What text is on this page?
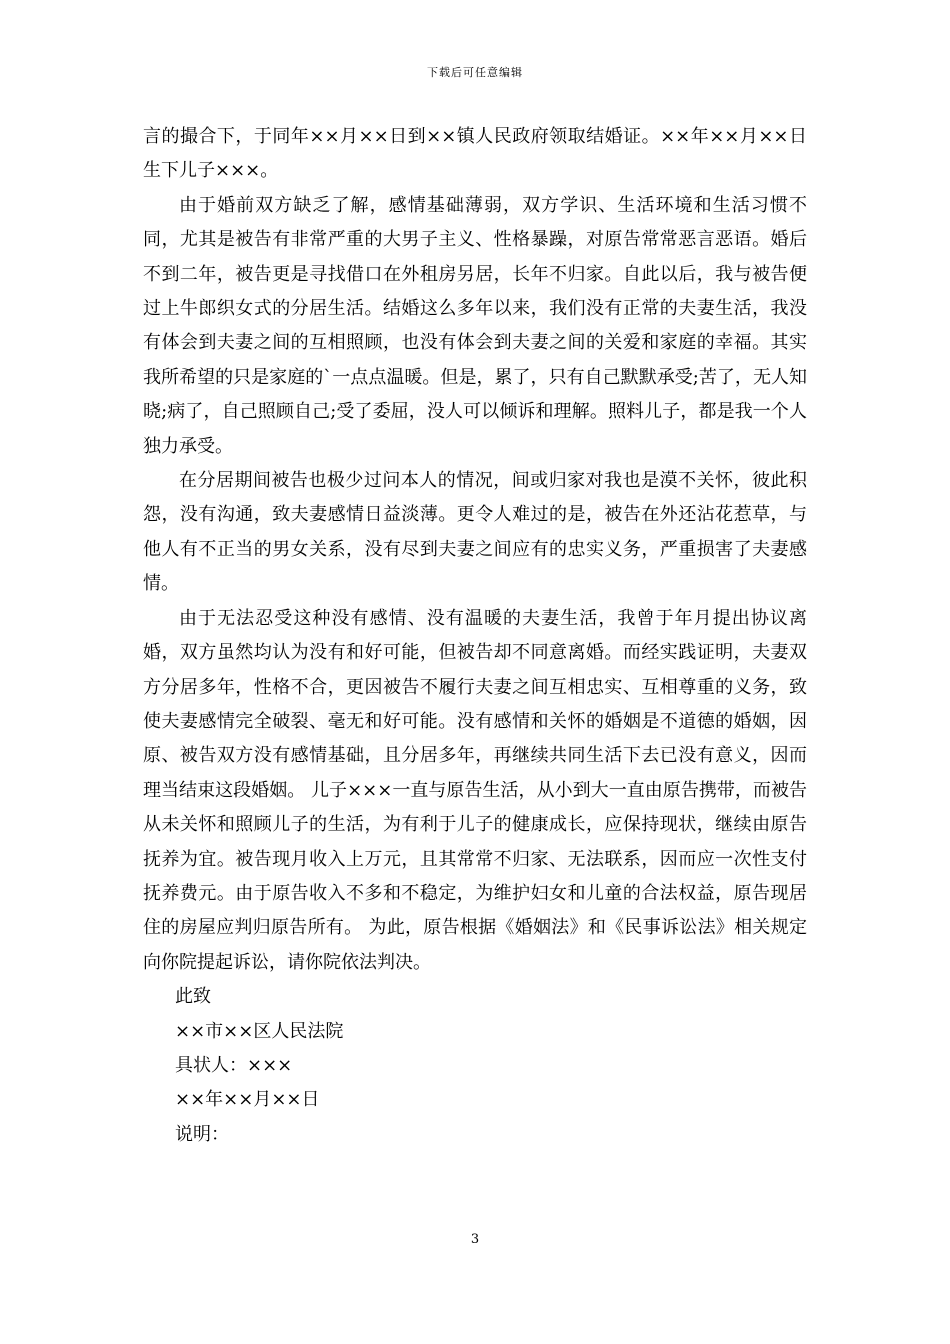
下载后可任意编辑

言的撮合下，于同年××月××日到××镇人民政府领取结婚证。××年××月××日生下儿子×××。

由于婚前双方缺乏了解，感情基础薄弱，双方学识、生活环境和生活习惯不同，尤其是被告有非常严重的大男子主义、性格暴躁，对原告常常恶言恶语。婚后不到二年，被告更是寻找借口在外租房另居，长年不归家。自此以后，我与被告便过上牛郎织女式的分居生活。结婚这么多年以来，我们没有正常的夫妻生活，我没有体会到夫妻之间的互相照顾，也没有体会到夫妻之间的关爱和家庭的幸福。其实我所希望的只是家庭的`一点点温暖。但是，累了，只有自己默默承受;苦了，无人知晓;病了，自己照顾自己;受了委屈，没人可以倾诉和理解。照料儿子，都是我一个人独力承受。

在分居期间被告也极少过问本人的情况，间或归家对我也是漠不关怀，彼此积怨，没有沟通，致夫妻感情日益淡薄。更令人难过的是，被告在外还沾花惹草，与他人有不正当的男女关系，没有尽到夫妻之间应有的忠实义务，严重损害了夫妻感情。

由于无法忍受这种没有感情、没有温暖的夫妻生活，我曾于年月提出协议离婚，双方虽然均认为没有和好可能，但被告却不同意离婚。而经实践证明，夫妻双方分居多年，性格不合，更因被告不履行夫妻之间互相忠实、互相尊重的义务，致使夫妻感情完全破裂、毫无和好可能。没有感情和关怀的婚姻是不道德的婚姻，因原、被告双方没有感情基础，且分居多年，再继续共同生活下去已没有意义，因而理当结束这段婚姻。 儿子×××一直与原告生活，从小到大一直由原告携带，而被告从未关怀和照顾儿子的生活，为有利于儿子的健康成长，应保持现状，继续由原告抚养为宜。被告现月收入上万元，且其常常不归家、无法联系，因而应一次性支付抚养费元。由于原告收入不多和不稳定，为维护妇女和儿童的合法权益，原告现居住的房屋应判归原告所有。 为此，原告根据《婚姻法》和《民事诉讼法》相关规定向你院提起诉讼，请你院依法判决。

此致

××市××区人民法院

具状人：×××

××年××月××日

说明：

3
